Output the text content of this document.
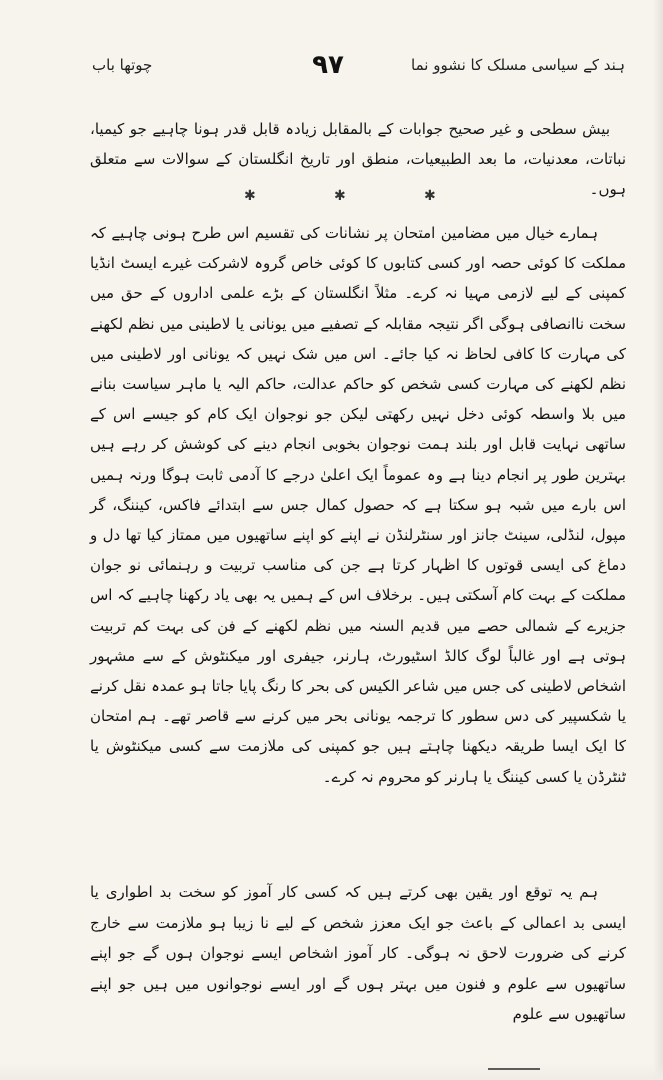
چوتھا باب	۹۷	ہند کے سیاسی مسلک کا نشوو نما

بیش سطحی و غیر صحیح جوابات کے بالمقابل زیادہ قابل قدر ہونا چاہیے جو کیمیا، نباتات، معدنیات، ما بعد الطبیعیات، منطق اور تاریخ انگلستان کے سوالات سے متعلق ہوں۔

✱	✱	✱

ہمارے خیال میں مضامین امتحان پر نشانات کی تقسیم اس طرح ہونی چاہیے کہ مملکت کا کوئی حصہ اور کسی کتابوں کا کوئی خاص گروہ لاشرکت غیرے ایسٹ انڈیا کمپنی کے لیے لازمی مہیا نہ کرے۔ مثلاً انگلستان کے بڑے علمی اداروں کے حق میں سخت ناانصافی ہوگی اگر نتیجہ مقابلہ کے تصفیے میں یونانی یا لاطینی میں نظم لکھنے کی مہارت کا کافی لحاظ نہ کیا جائے۔ اس میں شک نہیں کہ یونانی اور لاطینی میں نظم لکھنے کی مہارت کسی شخص کو حاکم عدالت، حاکم الیہ یا ماہر سیاست بنانے میں بلا واسطہ کوئی دخل نہیں رکھتی لیکن جو نوجوان ایک کام کو جیسے اس کے ساتھی نہایت قابل اور بلند ہمت نوجوان بخوبی انجام دینے کی کوشش کر رہے ہیں بہترین طور پر انجام دینا ہے وہ عموماً ایک اعلیٰ درجے کا آدمی ثابت ہوگا ورنہ ہمیں اس بارے میں شبہ ہو سکتا ہے کہ حصول کمال جس سے ابتدائے فاکس، کیننگ، گر مپول، لنڈلی، سینٹ جانز اور سنٹرلنڈن نے اپنے کو اپنے ساتھیوں میں ممتاز کیا تھا دل و دماغ کی ایسی قوتوں کا اظہار کرتا ہے جن کی مناسب تربیت و رہنمائی نو جوان مملکت کے بہت کام آسکتی ہیں۔ برخلاف اس کے ہمیں یہ بھی یاد رکھنا چاہیے کہ اس جزیرے کے شمالی حصے میں قدیم السنہ میں نظم لکھنے کے فن کی بہت کم تربیت ہوتی ہے اور غالباً لوگ کالڈ اسٹیورٹ، ہارنر، جیفری اور میکنٹوش کے سے مشہور اشخاص لاطینی کی جس میں شاعر الکیس کی بحر کا رنگ پایا جاتا ہو عمدہ نقل کرنے یا شکسپیر کی دس سطور کا ترجمہ یونانی بحر میں کرنے سے قاصر تھے۔ ہم امتحان کا ایک ایسا طریقہ دیکھنا چاہتے ہیں جو کمپنی کی ملازمت سے کسی میکنٹوش یا ٹنٹرڈن یا کسی کیننگ یا ہارنر کو محروم نہ کرے۔

ہم یہ توقع اور یقین بھی کرتے ہیں کہ کسی کار آموز کو سخت بد اطواری یا ایسی بد اعمالی کے باعث جو ایک معزز شخص کے لیے نا زیبا ہو ملازمت سے خارج کرنے کی ضرورت لاحق نہ ہوگی۔ کار آموز اشخاص ایسے نوجوان ہوں گے جو اپنے ساتھیوں سے علوم و فنون میں بہتر ہوں گے اور ایسے نوجوانوں میں ہیں جو اپنے ساتھیوں سے علوم
